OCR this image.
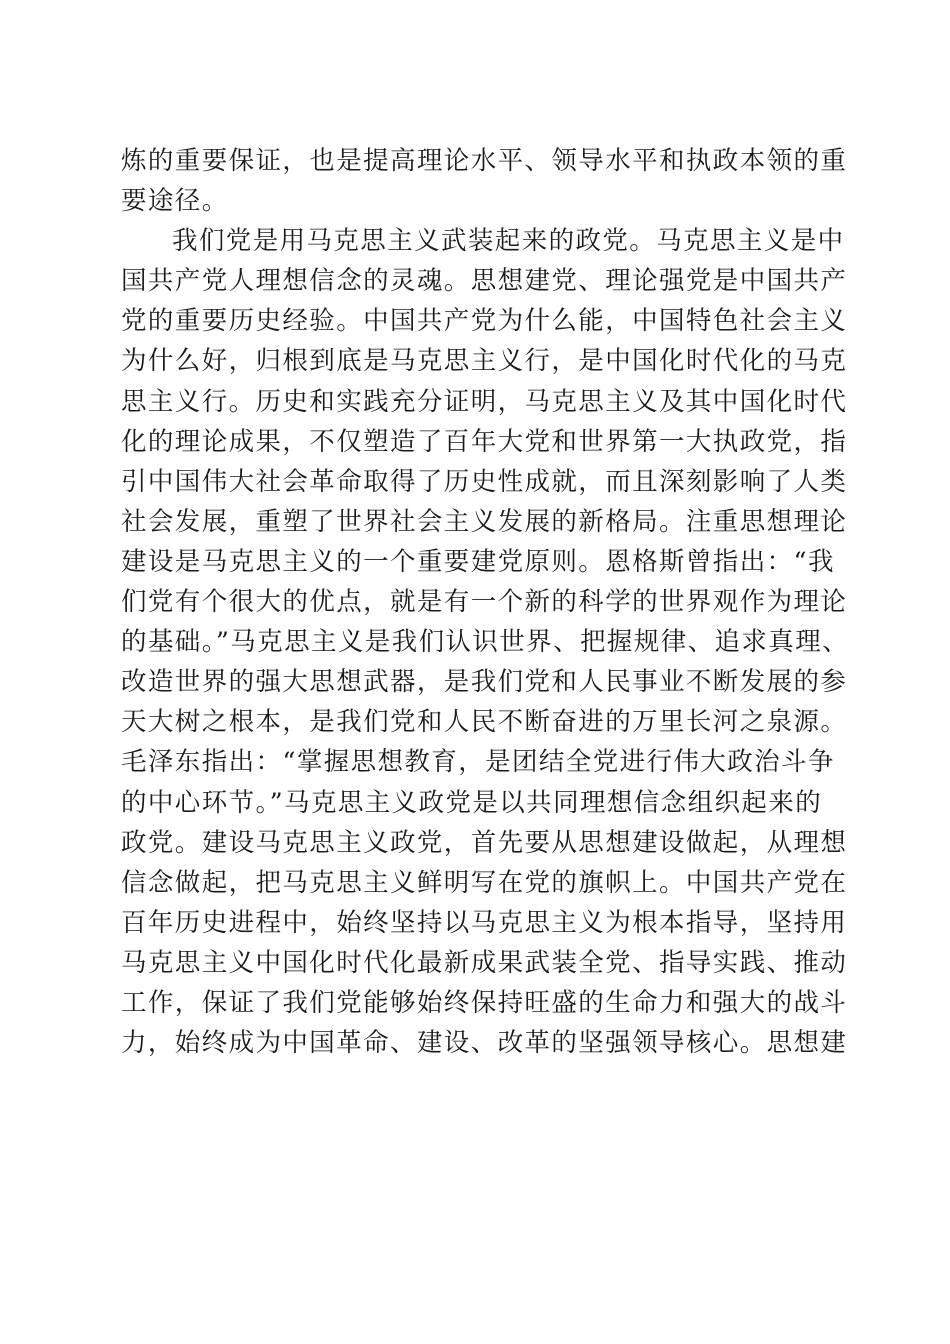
炼的重要保证，也是提高理论水平、领导水平和执政本领的重
要途径。
我们党是用马克思主义武装起来的政党。马克思主义是中
国共产党人理想信念的灵魂。思想建党、理论强党是中国共产
党的重要历史经验。中国共产党为什么能，中国特色社会主义
为什么好，归根到底是马克思主义行，是中国化时代化的马克
思主义行。历史和实践充分证明，马克思主义及其中国化时代
化的理论成果，不仅塑造了百年大党和世界第一大执政党，指
引中国伟大社会革命取得了历史性成就，而且深刻影响了人类
社会发展，重塑了世界社会主义发展的新格局。注重思想理论
建设是马克思主义的一个重要建党原则。恩格斯曾指出：“我
们党有个很大的优点，就是有一个新的科学的世界观作为理论
的基础。”马克思主义是我们认识世界、把握规律、追求真理、
改造世界的强大思想武器，是我们党和人民事业不断发展的参
天大树之根本，是我们党和人民不断奋进的万里长河之泉源。
毛泽东指出：“掌握思想教育，是团结全党进行伟大政治斗争
的中心环节。”马克思主义政党是以共同理想信念组织起来的
政党。建设马克思主义政党，首先要从思想建设做起，从理想
信念做起，把马克思主义鲜明写在党的旗帜上。中国共产党在
百年历史进程中，始终坚持以马克思主义为根本指导，坚持用
马克思主义中国化时代化最新成果武装全党、指导实践、推动
工作，保证了我们党能够始终保持旺盛的生命力和强大的战斗
力，始终成为中国革命、建设、改革的坚强领导核心。思想建
